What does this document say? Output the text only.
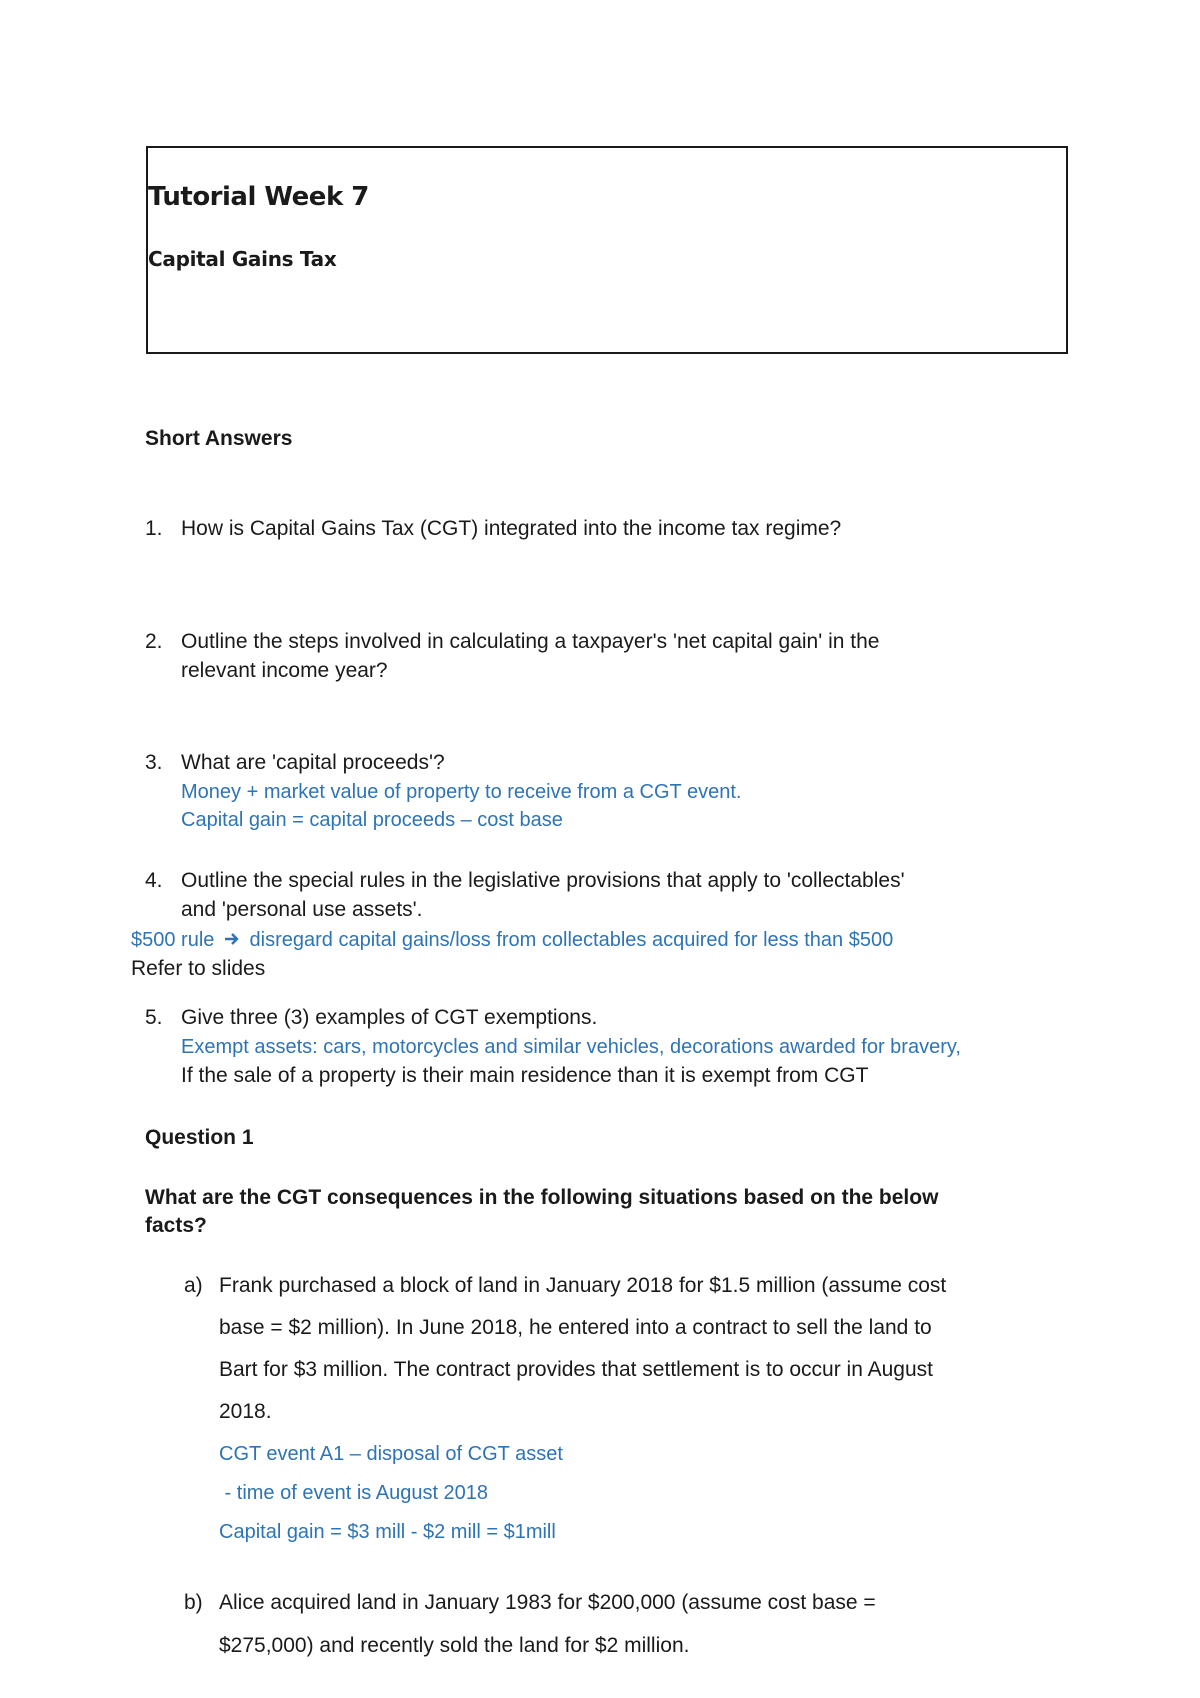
Tutorial Week 7
Capital Gains Tax
Short Answers
1. How is Capital Gains Tax (CGT) integrated into the income tax regime?
2. Outline the steps involved in calculating a taxpayer's 'net capital gain' in the
relevant income year?
3. What are 'capital proceeds'?
Money + market value of property to receive from a CGT event.
Capital gain = capital proceeds – cost base
4. Outline the special rules in the legislative provisions that apply to 'collectables'
and 'personal use assets'.
$500 rule disregard capital gains/loss from collectables acquired for less than $500
Refer to slides
5. Give three (3) examples of CGT exemptions.
Exempt assets: cars, motorcycles and similar vehicles, decorations awarded for bravery,
If the sale of a property is their main residence than it is exempt from CGT
Question 1
What are the CGT consequences in the following situations based on the below
facts?
a) Frank purchased a block of land in January 2018 for $1.5 million (assume cost
base = $2 million). In June 2018, he entered into a contract to sell the land to
Bart for $3 million. The contract provides that settlement is to occur in August
2018.
CGT event A1 – disposal of CGT asset
- time of event is August 2018
Capital gain = $3 mill - $2 mill = $1mill
b) Alice acquired land in January 1983 for $200,000 (assume cost base =
$275,000) and recently sold the land for $2 million.
